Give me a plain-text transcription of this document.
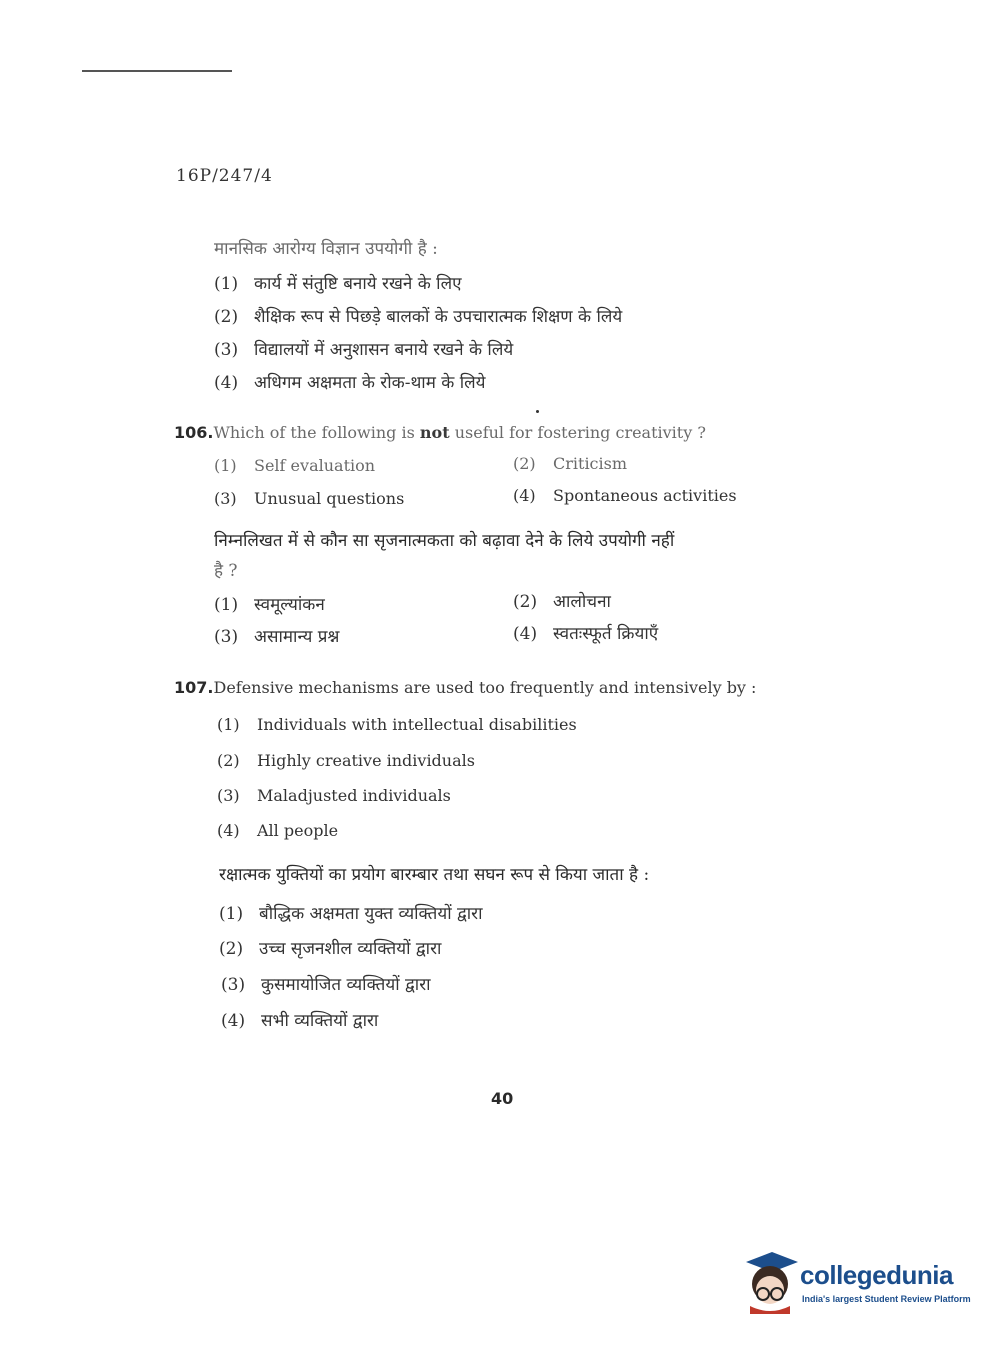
16P/247/4
मानसिक आरोग्य विज्ञान उपयोगी है :
(1) कार्य में संतुष्टि बनाये रखने के लिए
(2) शैक्षिक रूप से पिछड़े बालकों के उपचारात्मक शिक्षण के लिये
(3) विद्यालयों में अनुशासन बनाये रखने के लिये
(4) अधिगम अक्षमता के रोक-थाम के लिये
106.Which of the following is not useful for fostering creativity ?
(1) Self evaluation	(2) Criticism
(3) Unusual questions	(4) Spontaneous activities
निम्नलिखत में से कौन सा सृजनात्मकता को बढ़ावा देने के लिये उपयोगी नहीं
है ?
(1) स्वमूल्यांकन	(2) आलोचना
(3) असामान्य प्रश्न	(4) स्वतःस्फूर्त क्रियाएँ
107.Defensive mechanisms are used too frequently and intensively by :
(1) Individuals with intellectual disabilities
(2) Highly creative individuals
(3) Maladjusted individuals
(4) All people
रक्षात्मक युक्तियों का प्रयोग बारम्बार तथा सघन रूप से किया जाता है :
(1) बौद्धिक अक्षमता युक्त व्यक्तियों द्वारा
(2) उच्च सृजनशील व्यक्तियों द्वारा
(3) कुसमायोजित व्यक्तियों द्वारा
(4) सभी व्यक्तियों द्वारा
40
collegedunia
India's largest Student Review Platform
